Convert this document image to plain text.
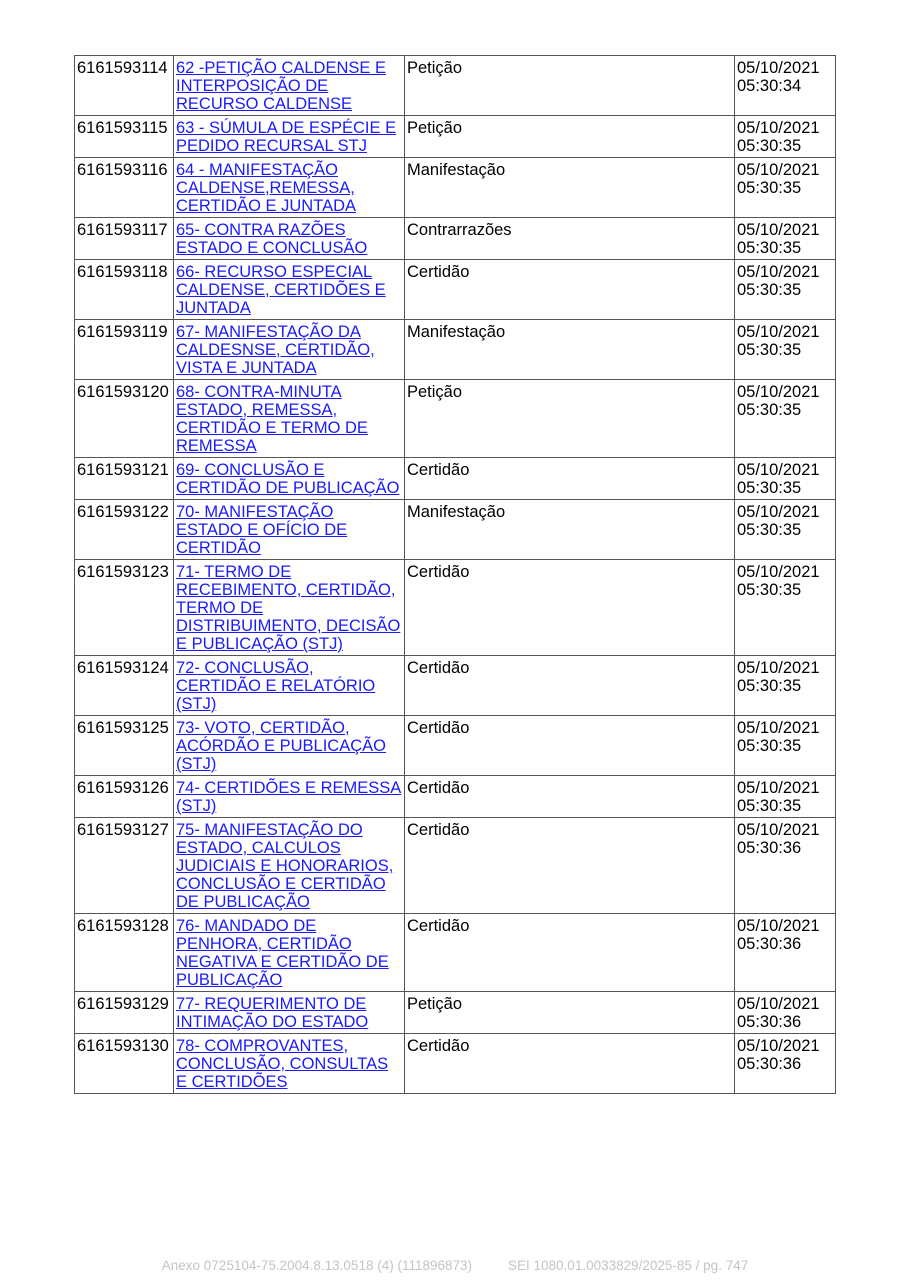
6161593114	62 -PETIÇÃO CALDENSE E INTERPOSIÇÃO DE RECURSO CALDENSE	Petição	05/10/2021 05:30:34
6161593115	63 - SÚMULA DE ESPÉCIE E PEDIDO RECURSAL STJ	Petição	05/10/2021 05:30:35
6161593116	64 - MANIFESTAÇÃO CALDENSE,REMESSA, CERTIDÃO E JUNTADA	Manifestação	05/10/2021 05:30:35
6161593117	65- CONTRA RAZÕES ESTADO E CONCLUSÃO	Contrarrazões	05/10/2021 05:30:35
6161593118	66- RECURSO ESPECIAL CALDENSE, CERTIDÕES E JUNTADA	Certidão	05/10/2021 05:30:35
6161593119	67- MANIFESTAÇÃO DA CALDESNSE, CERTIDÃO, VISTA E JUNTADA	Manifestação	05/10/2021 05:30:35
6161593120	68- CONTRA-MINUTA ESTADO, REMESSA, CERTIDÃO E TERMO DE REMESSA	Petição	05/10/2021 05:30:35
6161593121	69- CONCLUSÃO E CERTIDÃO DE PUBLICAÇÃO	Certidão	05/10/2021 05:30:35
6161593122	70- MANIFESTAÇÃO ESTADO E OFÍCIO DE CERTIDÃO	Manifestação	05/10/2021 05:30:35
6161593123	71- TERMO DE RECEBIMENTO, CERTIDÃO, TERMO DE DISTRIBUIMENTO, DECISÃO E PUBLICAÇÃO (STJ)	Certidão	05/10/2021 05:30:35
6161593124	72- CONCLUSÃO, CERTIDÃO E RELATÓRIO (STJ)	Certidão	05/10/2021 05:30:35
6161593125	73- VOTO, CERTIDÃO, ACÓRDÃO E PUBLICAÇÃO (STJ)	Certidão	05/10/2021 05:30:35
6161593126	74- CERTIDÕES E REMESSA (STJ)	Certidão	05/10/2021 05:30:35
6161593127	75- MANIFESTAÇÃO DO ESTADO, CALCULOS JUDICIAIS E HONORARIOS, CONCLUSÃO E CERTIDÃO DE PUBLICAÇÃO	Certidão	05/10/2021 05:30:36
6161593128	76- MANDADO DE PENHORA, CERTIDÃO NEGATIVA E CERTIDÃO DE PUBLICAÇÃO	Certidão	05/10/2021 05:30:36
6161593129	77- REQUERIMENTO DE INTIMAÇÃO DO ESTADO	Petição	05/10/2021 05:30:36
6161593130	78- COMPROVANTES, CONCLUSÃO, CONSULTAS E CERTIDÕES	Certidão	05/10/2021 05:30:36
Anexo 0725104-75.2004.8.13.0518 (4) (111896873)	SEI 1080.01.0033829/2025-85 / pg. 747
